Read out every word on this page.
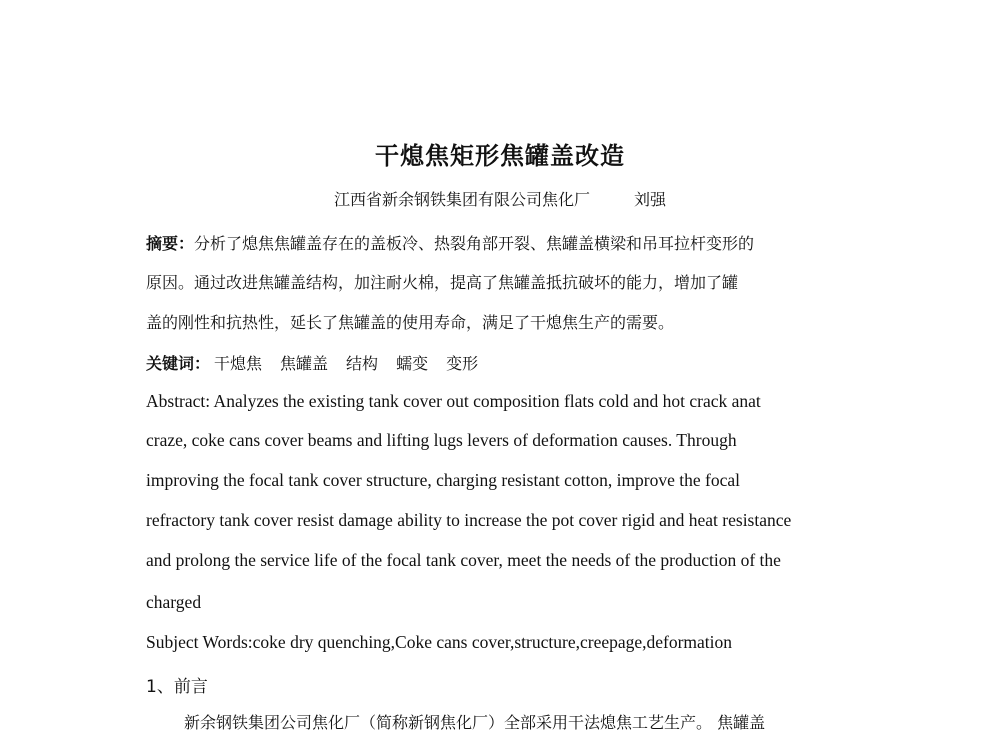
干熄焦矩形焦罐盖改造
江西省新余钢铁集团有限公司焦化厂	刘强
摘要：分析了熄焦焦罐盖存在的盖板冷、热裂角部开裂、焦罐盖横梁和吊耳拉杆变形的
原因。通过改进焦罐盖结构，加注耐火棉，提高了焦罐盖抵抗破坏的能力，增加了罐
盖的刚性和抗热性，延长了焦罐盖的使用寿命，满足了干熄焦生产的需要。
关键词： 干熄焦 焦罐盖 结构 蠕变 变形
Abstract: Analyzes the existing tank cover out composition flats cold and hot crack anat
craze, coke cans cover beams and lifting lugs levers of deformation causes. Through
improving the focal tank cover structure, charging resistant cotton, improve the focal
refractory tank cover resist damage ability to increase the pot cover rigid and heat resistance
and prolong the service life of the focal tank cover, meet the needs of the production of the
charged
Subject Words:coke dry quenching,Coke cans cover,structure,creepage,deformation
1、前言
新余钢铁集团公司焦化厂（简称新钢焦化厂）全部采用干法熄焦工艺生产。 焦罐盖
